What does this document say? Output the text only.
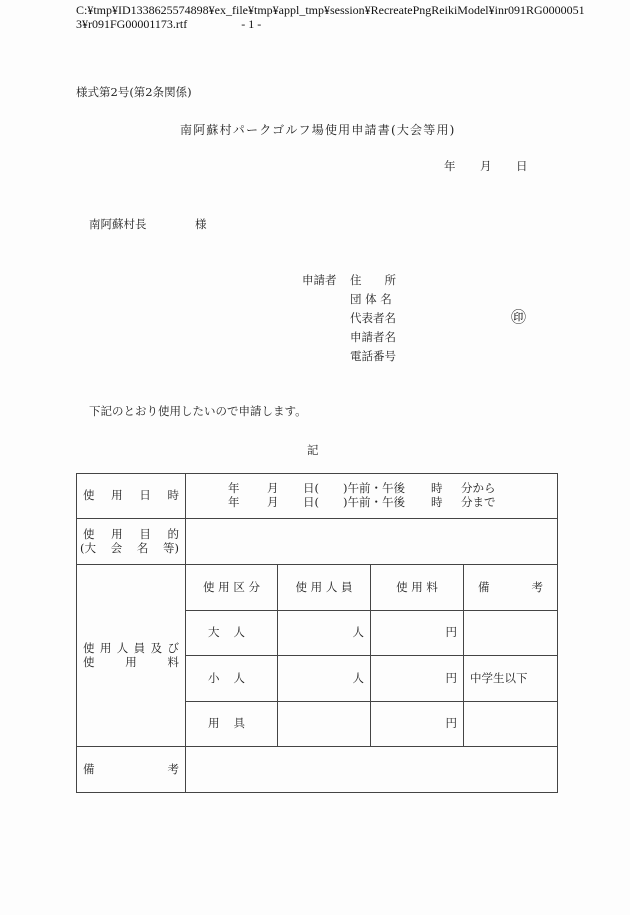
C:¥tmp¥ID1338625574898¥ex_file¥tmp¥appl_tmp¥session¥RecreatePngReikiModel¥inr091RG0000051
3¥r091FG00001173.rtf	- 1 -
様式第2号(第2条関係)
南阿蘇村パークゴルフ場使用申請書(大会等用)
年 月 日
南阿蘇村長	様
申請者 住　　所
団 体 名
代表者名
申請者名
電話番号
㊞
下記のとおり使用したいので申請します。
記
使 用 日 時	年	月	日(	)午前・午後	時	分から
年	月	日(	)午前・午後	時	分まで

使 用 目 的
(大 会 名 等)

使 用 人 員 及 び
使	用	料
	使 用 区 分	使 用 人 員	使 用 料	備	考

	大 人	人	円	

	小 人	人	円	中学生以下

	用 具		円	

備 考				
